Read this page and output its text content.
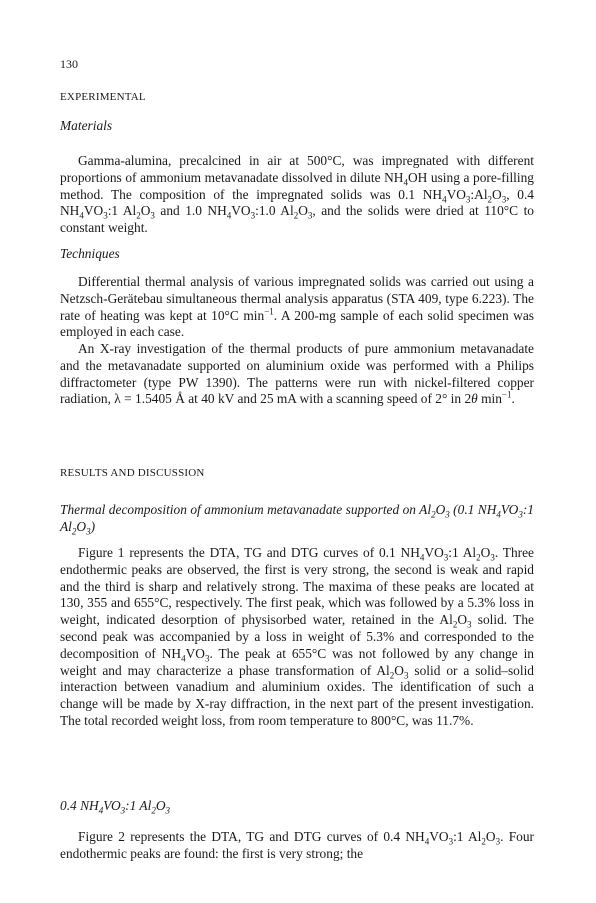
130
EXPERIMENTAL
Materials

Gamma-alumina, precalcined in air at 500°C, was impregnated with different proportions of ammonium metavanadate dissolved in dilute $NH_4OH$ using a pore-filling method. The composition of the impregnated solids was 0.1 $NH_4VO_3:Al_2O_3$, 0.4 $NH_4VO_3:1$ $Al_2O_3$ and 1.0 $NH_4VO_3:1.0$ $Al_2O_3$, and the solids were dried at 110°C to constant weight.

Techniques

Differential thermal analysis of various impregnated solids was carried out using a Netzsch-Gerätebau simultaneous thermal analysis apparatus (STA 409, type 6.223). The rate of heating was kept at 10°C $\min^{-1}$. A 200-mg sample of each solid specimen was employed in each case.

An X-ray investigation of the thermal products of pure ammonium metavanadate and the metavanadate supported on aluminium oxide was performed with a Philips diffractometer (type PW 1390). The patterns were run with nickel-filtered copper radiation, λ = 1.5405 Å at 40 kV and 25 mA with a scanning speed of 2° in 2θ $\min^{-1}$.

RESULTS AND DISCUSSION

Thermal decomposition of ammonium metavanadate supported on $Al_2O_3$ (0.1 $NH_4VO_3:1$ $Al_2O_3$)

Figure 1 represents the DTA, TG and DTG curves of 0.1 $NH_4VO_3:1$ $Al_2O_3$. Three endothermic peaks are observed, the first is very strong, the second is weak and rapid and the third is sharp and relatively strong. The maxima of these peaks are located at 130, 355 and 655°C, respectively. The first peak, which was followed by a 5.3% loss in weight, indicated desorption of physisorbed water, retained in the $Al_2O_3$ solid. The second peak was accompanied by a loss in weight of 5.3% and corresponded to the decomposition of $NH_4VO_3$. The peak at 655°C was not followed by any change in weight and may characterize a phase transformation of $Al_2O_3$ solid or a solid–solid interaction between vanadium and aluminium oxides. The identification of such a change will be made by X-ray diffraction, in the next part of the present investigation. The total recorded weight loss, from room temperature to 800°C, was 11.7%.

0.4 $NH_4VO_3:1$ $Al_2O_3$

Figure 2 represents the DTA, TG and DTG curves of 0.4 $NH_4VO_3:1$ $Al_2O_3$. Four endothermic peaks are found: the first is very strong; the
